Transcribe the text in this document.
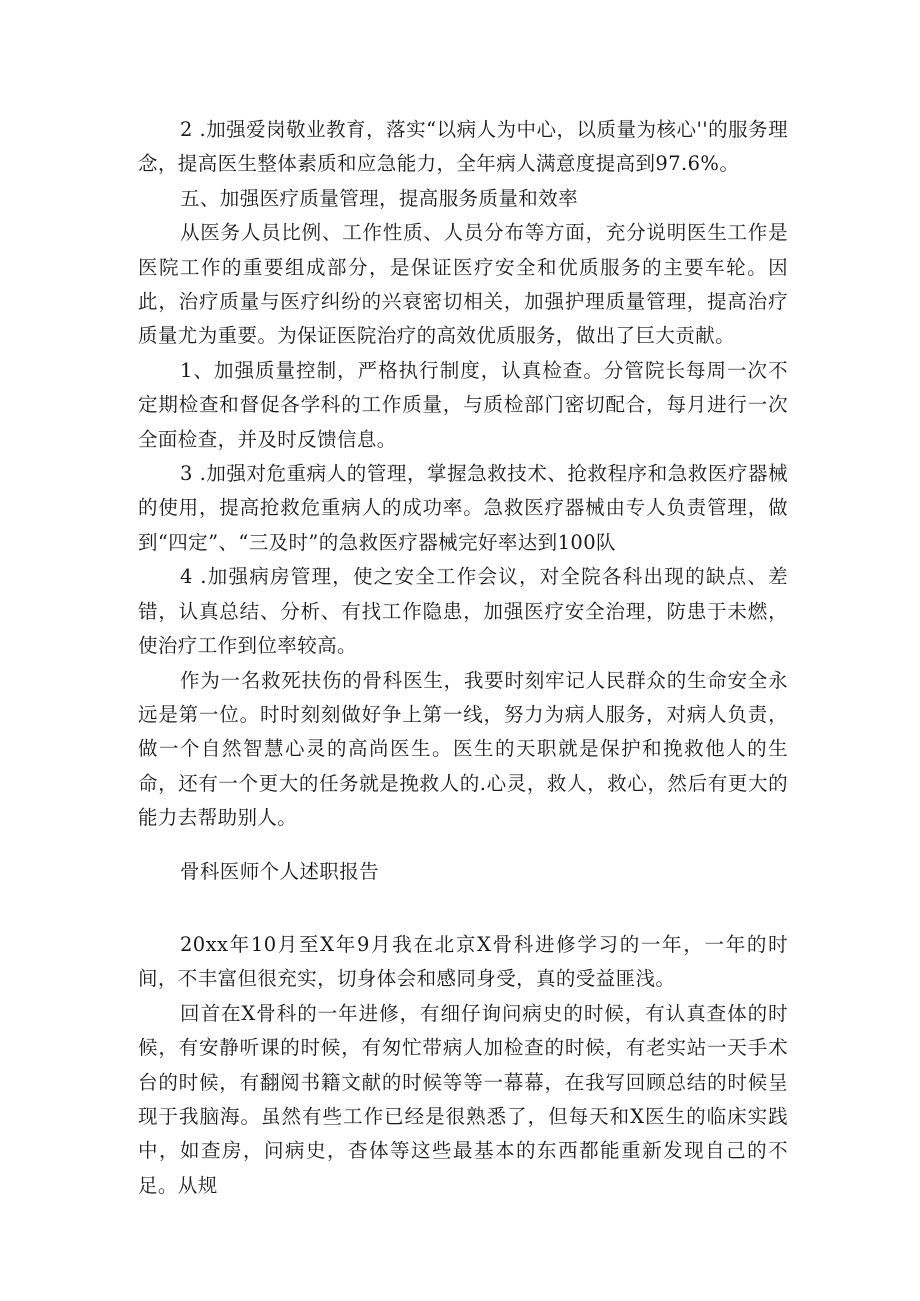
2 .加强爱岗敬业教育，落实“以病人为中心，以质量为核心''的服务理念，提高医生整体素质和应急能力，全年病人满意度提高到97.6%。

五、加强医疗质量管理，提高服务质量和效率

从医务人员比例、工作性质、人员分布等方面，充分说明医生工作是医院工作的重要组成部分，是保证医疗安全和优质服务的主要车轮。因此，治疗质量与医疗纠纷的兴衰密切相关，加强护理质量管理，提高治疗质量尤为重要。为保证医院治疗的高效优质服务，做出了巨大贡献。

1、加强质量控制，严格执行制度，认真检查。分管院长每周一次不定期检查和督促各学科的工作质量，与质检部门密切配合，每月进行一次全面检查，并及时反馈信息。

3 .加强对危重病人的管理，掌握急救技术、抢救程序和急救医疗器械的使用，提高抢救危重病人的成功率。急救医疗器械由专人负责管理，做到“四定”、“三及时”的急救医疗器械完好率达到100队

4 .加强病房管理，使之安全工作会议，对全院各科出现的缺点、差错，认真总结、分析、有找工作隐患，加强医疗安全治理，防患于未燃，使治疗工作到位率较高。

作为一名救死扶伤的骨科医生，我要时刻牢记人民群众的生命安全永远是第一位。时时刻刻做好争上第一线，努力为病人服务，对病人负责，做一个自然智慧心灵的高尚医生。医生的天职就是保护和挽救他人的生命，还有一个更大的任务就是挽救人的.心灵，救人，救心，然后有更大的能力去帮助别人。

骨科医师个人述职报告

20xx年10月至X年9月我在北京X骨科进修学习的一年，一年的时间，不丰富但很充实，切身体会和感同身受，真的受益匪浅。

回首在X骨科的一年进修，有细仔询问病史的时候，有认真查体的时候，有安静听课的时候，有匆忙带病人加检查的时候，有老实站一天手术台的时候，有翻阅书籍文献的时候等等一幕幕，在我写回顾总结的时候呈现于我脑海。虽然有些工作已经是很熟悉了，但每天和X医生的临床实践中，如查房，问病史，杳体等这些最基本的东西都能重新发现自己的不足。从规
